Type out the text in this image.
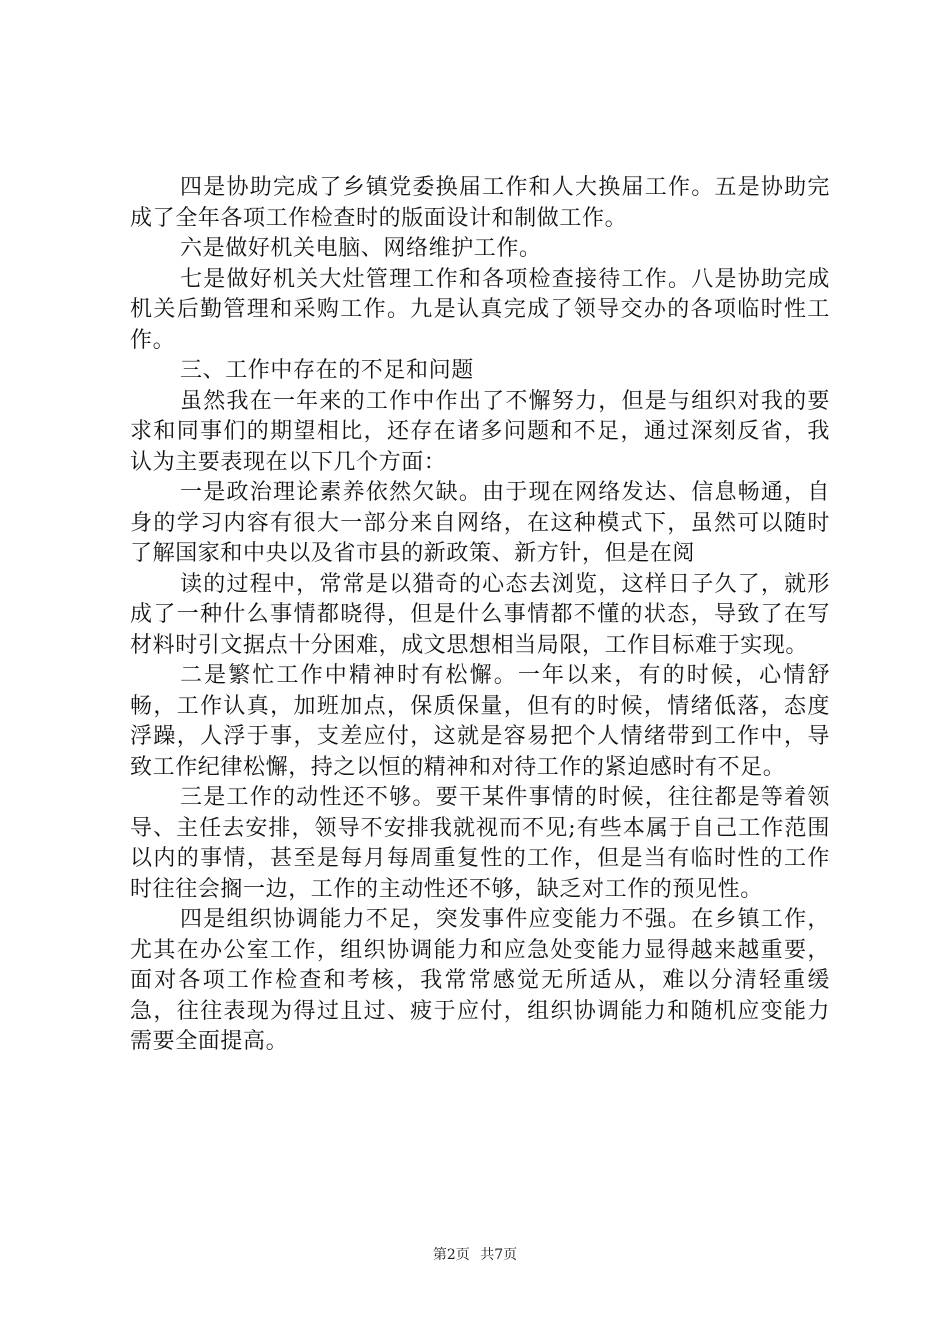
四是协助完成了乡镇党委换届工作和人大换届工作。五是协助完成了全年各项工作检查时的版面设计和制做工作。

六是做好机关电脑、网络维护工作。

七是做好机关大灶管理工作和各项检查接待工作。八是协助完成机关后勤管理和采购工作。九是认真完成了领导交办的各项临时性工作。

三、工作中存在的不足和问题

虽然我在一年来的工作中作出了不懈努力，但是与组织对我的要求和同事们的期望相比，还存在诸多问题和不足，通过深刻反省，我认为主要表现在以下几个方面：

一是政治理论素养依然欠缺。由于现在网络发达、信息畅通，自身的学习内容有很大一部分来自网络，在这种模式下，虽然可以随时了解国家和中央以及省市县的新政策、新方针，但是在阅

读的过程中，常常是以猎奇的心态去浏览，这样日子久了，就形成了一种什么事情都晓得，但是什么事情都不懂的状态，导致了在写材料时引文据点十分困难，成文思想相当局限，工作目标难于实现。

二是繁忙工作中精神时有松懈。一年以来，有的时候，心情舒畅，工作认真，加班加点，保质保量，但有的时候，情绪低落，态度浮躁，人浮于事，支差应付，这就是容易把个人情绪带到工作中，导致工作纪律松懈，持之以恒的精神和对待工作的紧迫感时有不足。

三是工作的动性还不够。要干某件事情的时候，往往都是等着领导、主任去安排，领导不安排我就视而不见;有些本属于自己工作范围以内的事情，甚至是每月每周重复性的工作，但是当有临时性的工作时往往会搁一边，工作的主动性还不够，缺乏对工作的预见性。

四是组织协调能力不足，突发事件应变能力不强。在乡镇工作，尤其在办公室工作，组织协调能力和应急处变能力显得越来越重要，面对各项工作检查和考核，我常常感觉无所适从，难以分清轻重缓急，往往表现为得过且过、疲于应付，组织协调能力和随机应变能力需要全面提高。

第2页 共7页
